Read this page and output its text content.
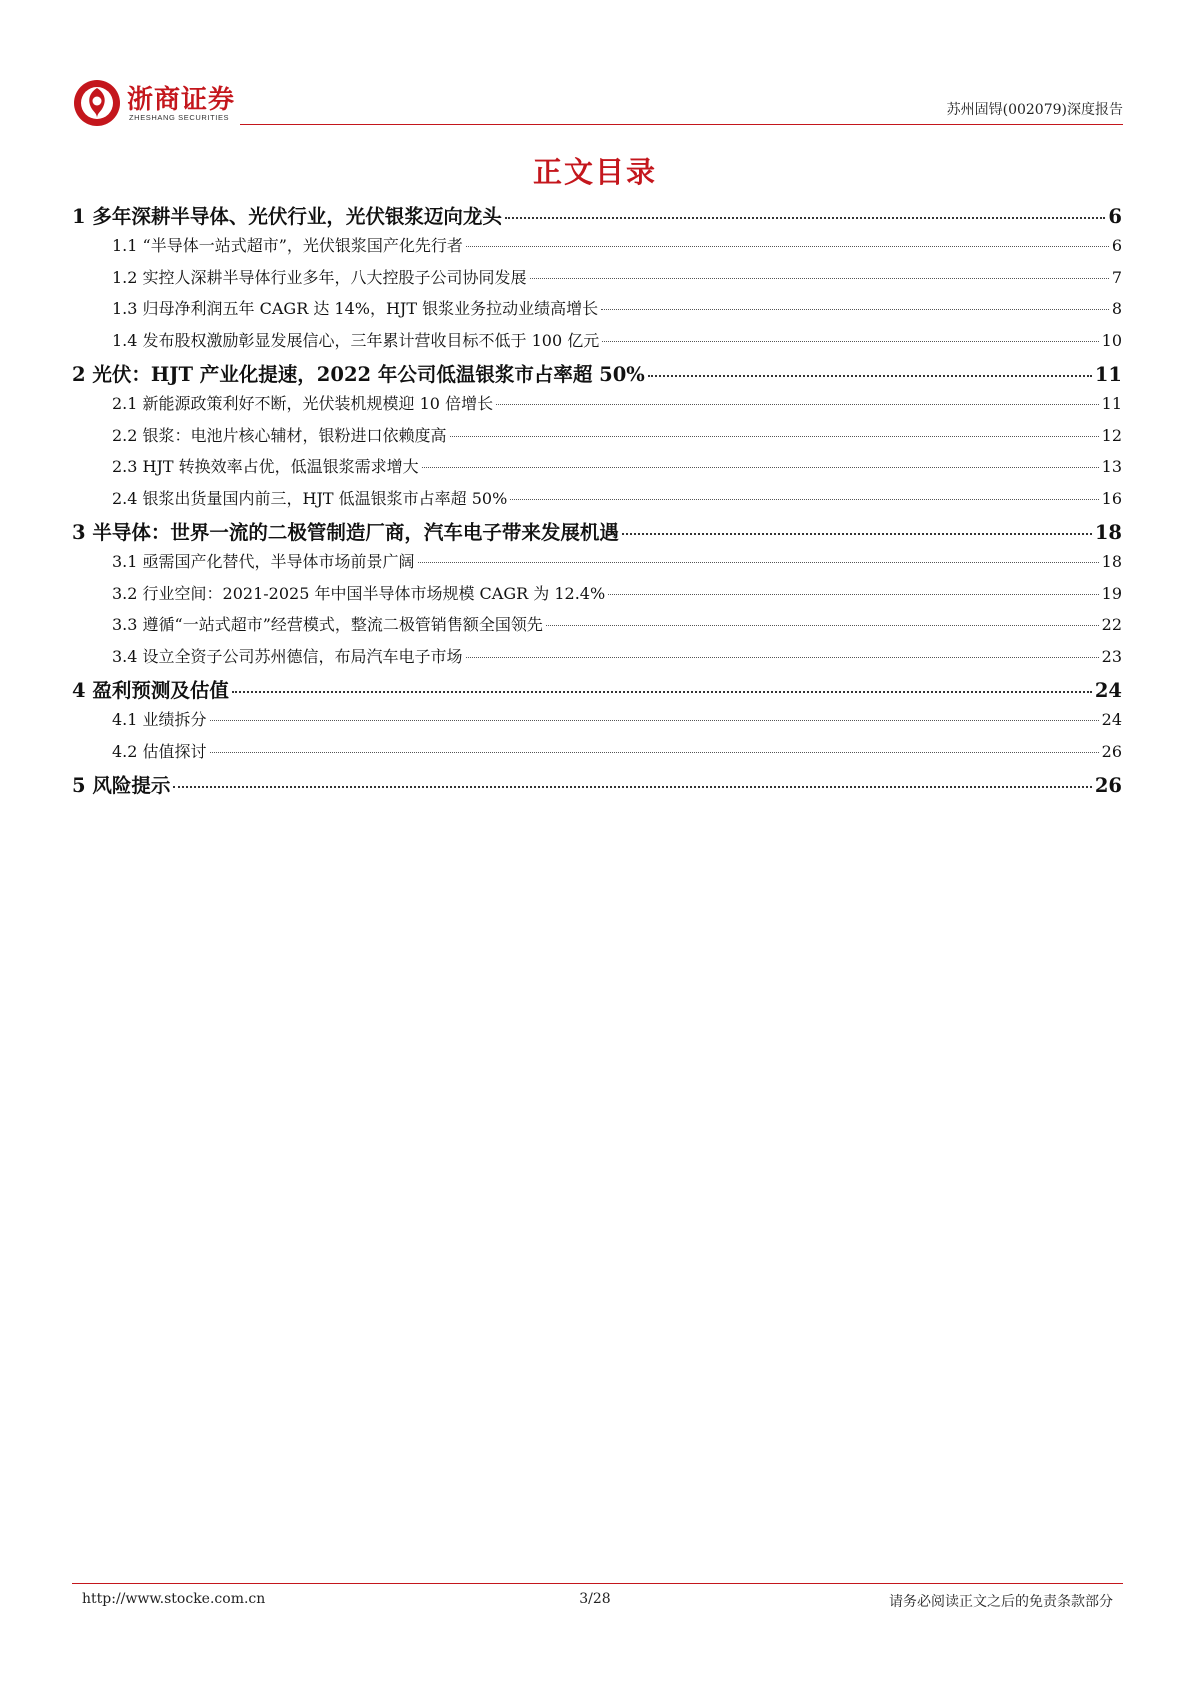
浙商证券
ZHESHANG SECURITIES	苏州固锝(002079)深度报告
正文目录
1 多年深耕半导体、光伏行业，光伏银浆迈向龙头	6
1.1 “半导体一站式超市”，光伏银浆国产化先行者	6
1.2 实控人深耕半导体行业多年，八大控股子公司协同发展	7
1.3 归母净利润五年 CAGR 达 14%，HJT 银浆业务拉动业绩高增长	8
1.4 发布股权激励彰显发展信心，三年累计营收目标不低于 100 亿元	10
2 光伏：HJT 产业化提速，2022 年公司低温银浆市占率超 50%	11
2.1 新能源政策利好不断，光伏装机规模迎 10 倍增长	11
2.2 银浆：电池片核心辅材，银粉进口依赖度高	12
2.3 HJT 转换效率占优，低温银浆需求增大	13
2.4 银浆出货量国内前三，HJT 低温银浆市占率超 50%	16
3 半导体：世界一流的二极管制造厂商，汽车电子带来发展机遇	18
3.1 亟需国产化替代，半导体市场前景广阔	18
3.2 行业空间：2021-2025 年中国半导体市场规模 CAGR 为 12.4%	19
3.3 遵循“一站式超市”经营模式，整流二极管销售额全国领先	22
3.4 设立全资子公司苏州德信，布局汽车电子市场	23
4 盈利预测及估值	24
4.1 业绩拆分	24
4.2 估值探讨	26
5 风险提示	26
http://www.stocke.com.cn	3/28	请务必阅读正文之后的免责条款部分
